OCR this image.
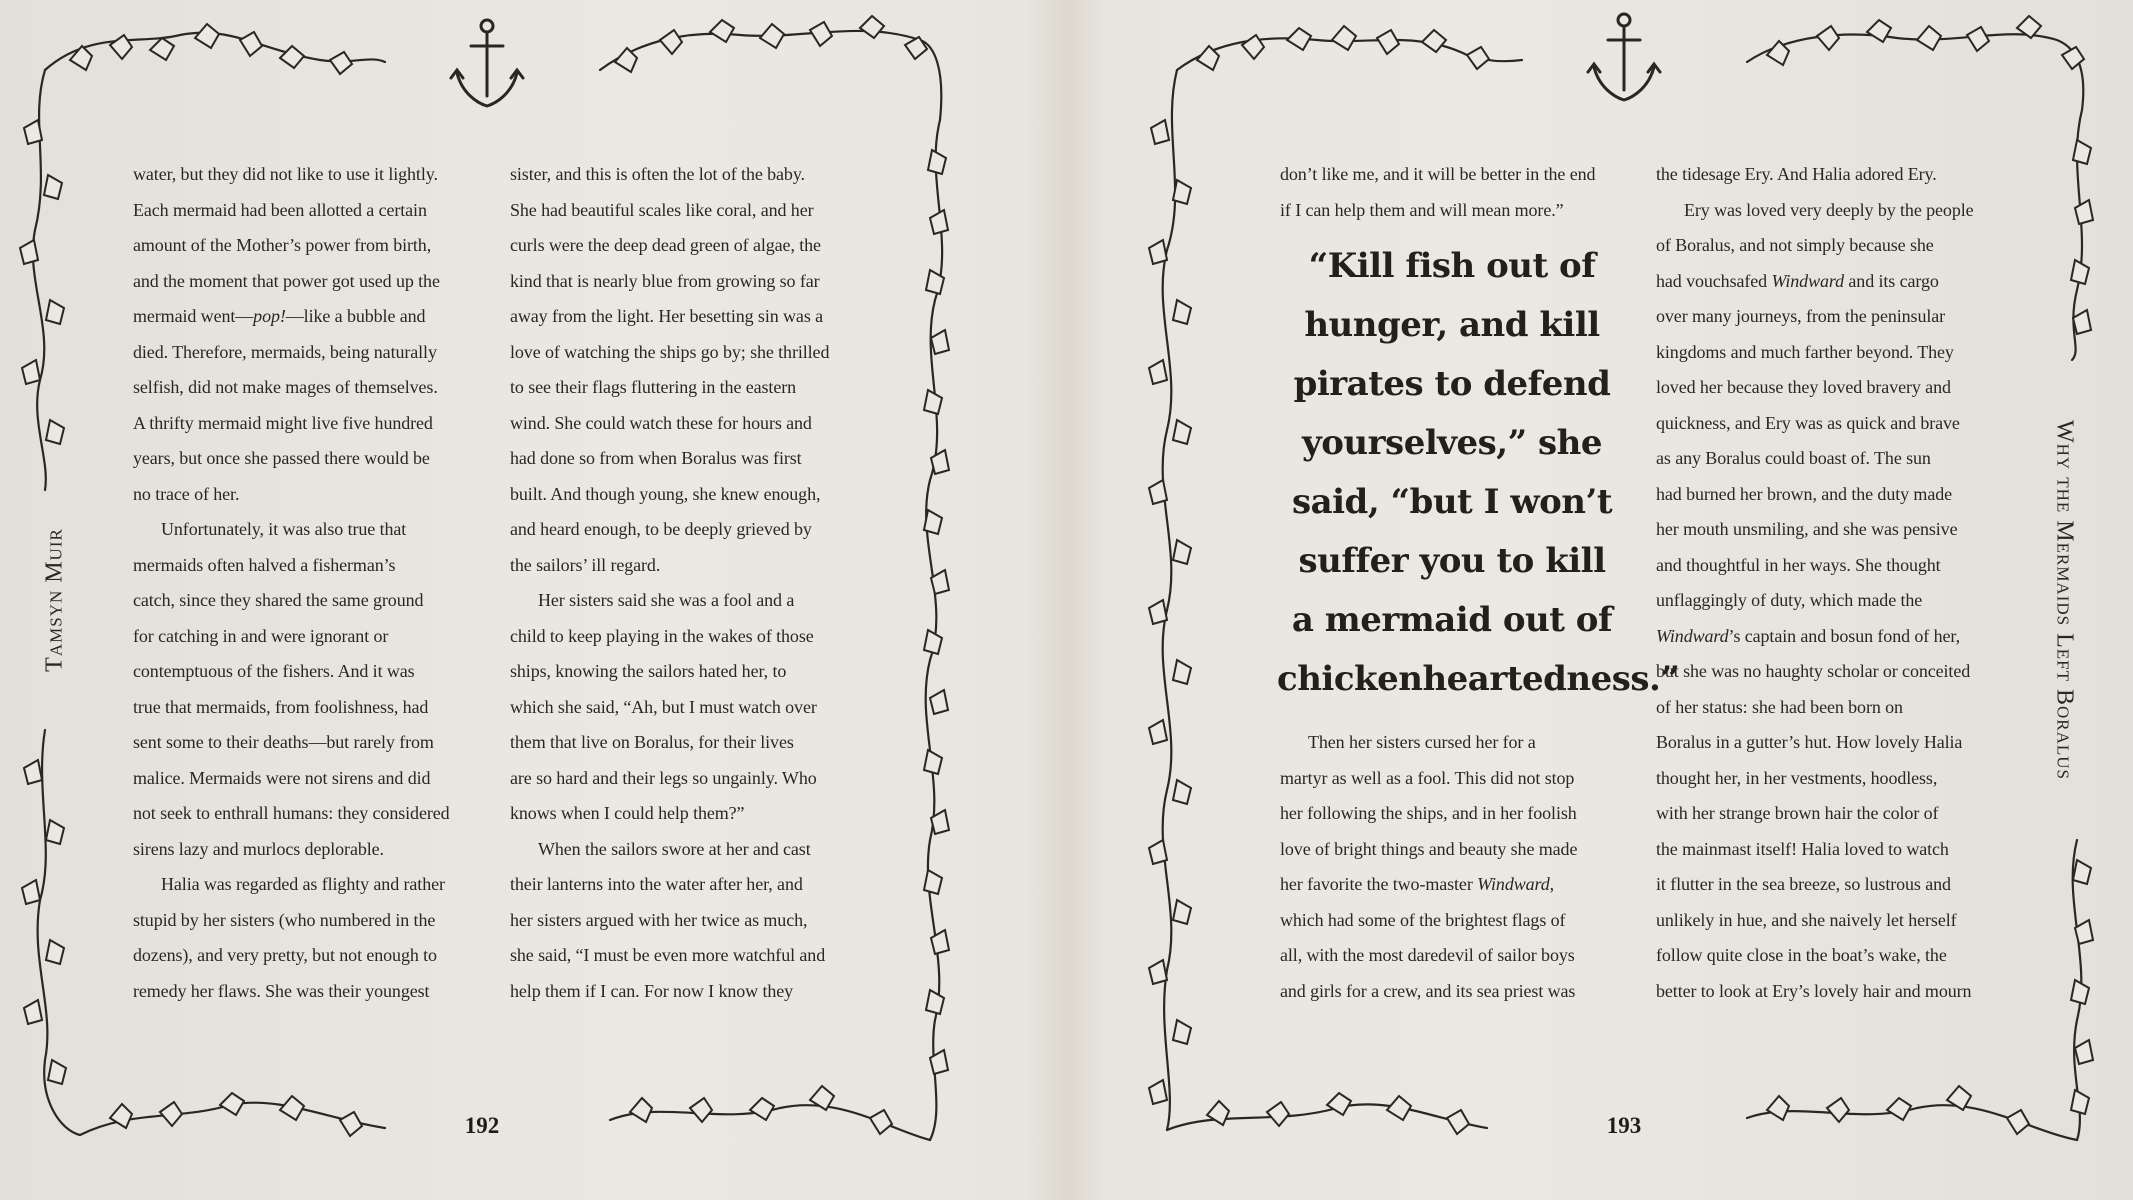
Tamsyn Muir

water, but they did not like to use it lightly.

Each mermaid had been allotted a certain

amount of the Mother’s power from birth,

and the moment that power got used up the

mermaid went—pop!—like a bubble and

died. Therefore, mermaids, being naturally

selfish, did not make mages of themselves.

A thrifty mermaid might live five hundred

years, but once she passed there would be

no trace of her.

Unfortunately, it was also true that

mermaids often halved a fisherman’s

catch, since they shared the same ground

for catching in and were ignorant or

contemptuous of the fishers. And it was

true that mermaids, from foolishness, had

sent some to their deaths—but rarely from

malice. Mermaids were not sirens and did

not seek to enthrall humans: they considered

sirens lazy and murlocs deplorable.

Halia was regarded as flighty and rather

stupid by her sisters (who numbered in the

dozens), and very pretty, but not enough to

remedy her flaws. She was their youngest

sister, and this is often the lot of the baby.

She had beautiful scales like coral, and her

curls were the deep dead green of algae, the

kind that is nearly blue from growing so far

away from the light. Her besetting sin was a

love of watching the ships go by; she thrilled

to see their flags fluttering in the eastern

wind. She could watch these for hours and

had done so from when Boralus was first

built. And though young, she knew enough,

and heard enough, to be deeply grieved by

the sailors’ ill regard.

Her sisters said she was a fool and a

child to keep playing in the wakes of those

ships, knowing the sailors hated her, to

which she said, “Ah, but I must watch over

them that live on Boralus, for their lives

are so hard and their legs so ungainly. Who

knows when I could help them?”

When the sailors swore at her and cast

their lanterns into the water after her, and

her sisters argued with her twice as much,

she said, “I must be even more watchful and

help them if I can. For now I know they

192	193

don’t like me, and it will be better in the end

if I can help them and will mean more.”

“Kill fish out of
hunger, and kill
pirates to defend
yourselves,” she
said, “but I won’t
suffer you to kill
a mermaid out of
chickenheartedness.”

Then her sisters cursed her for a

martyr as well as a fool. This did not stop

her following the ships, and in her foolish

love of bright things and beauty she made

her favorite the two-master Windward,

which had some of the brightest flags of

all, with the most daredevil of sailor boys

and girls for a crew, and its sea priest was

the tidesage Ery. And Halia adored Ery.

Ery was loved very deeply by the people

of Boralus, and not simply because she

had vouchsafed Windward and its cargo

over many journeys, from the peninsular

kingdoms and much farther beyond. They

loved her because they loved bravery and

quickness, and Ery was as quick and brave

as any Boralus could boast of. The sun

had burned her brown, and the duty made

her mouth unsmiling, and she was pensive

and thoughtful in her ways. She thought

unflaggingly of duty, which made the

Windward’s captain and bosun fond of her,

but she was no haughty scholar or conceited

of her status: she had been born on

Boralus in a gutter’s hut. How lovely Halia

thought her, in her vestments, hoodless,

with her strange brown hair the color of

the mainmast itself! Halia loved to watch

it flutter in the sea breeze, so lustrous and

unlikely in hue, and she naively let herself

follow quite close in the boat’s wake, the

better to look at Ery’s lovely hair and mourn

Why the Mermaids Left Boralus
